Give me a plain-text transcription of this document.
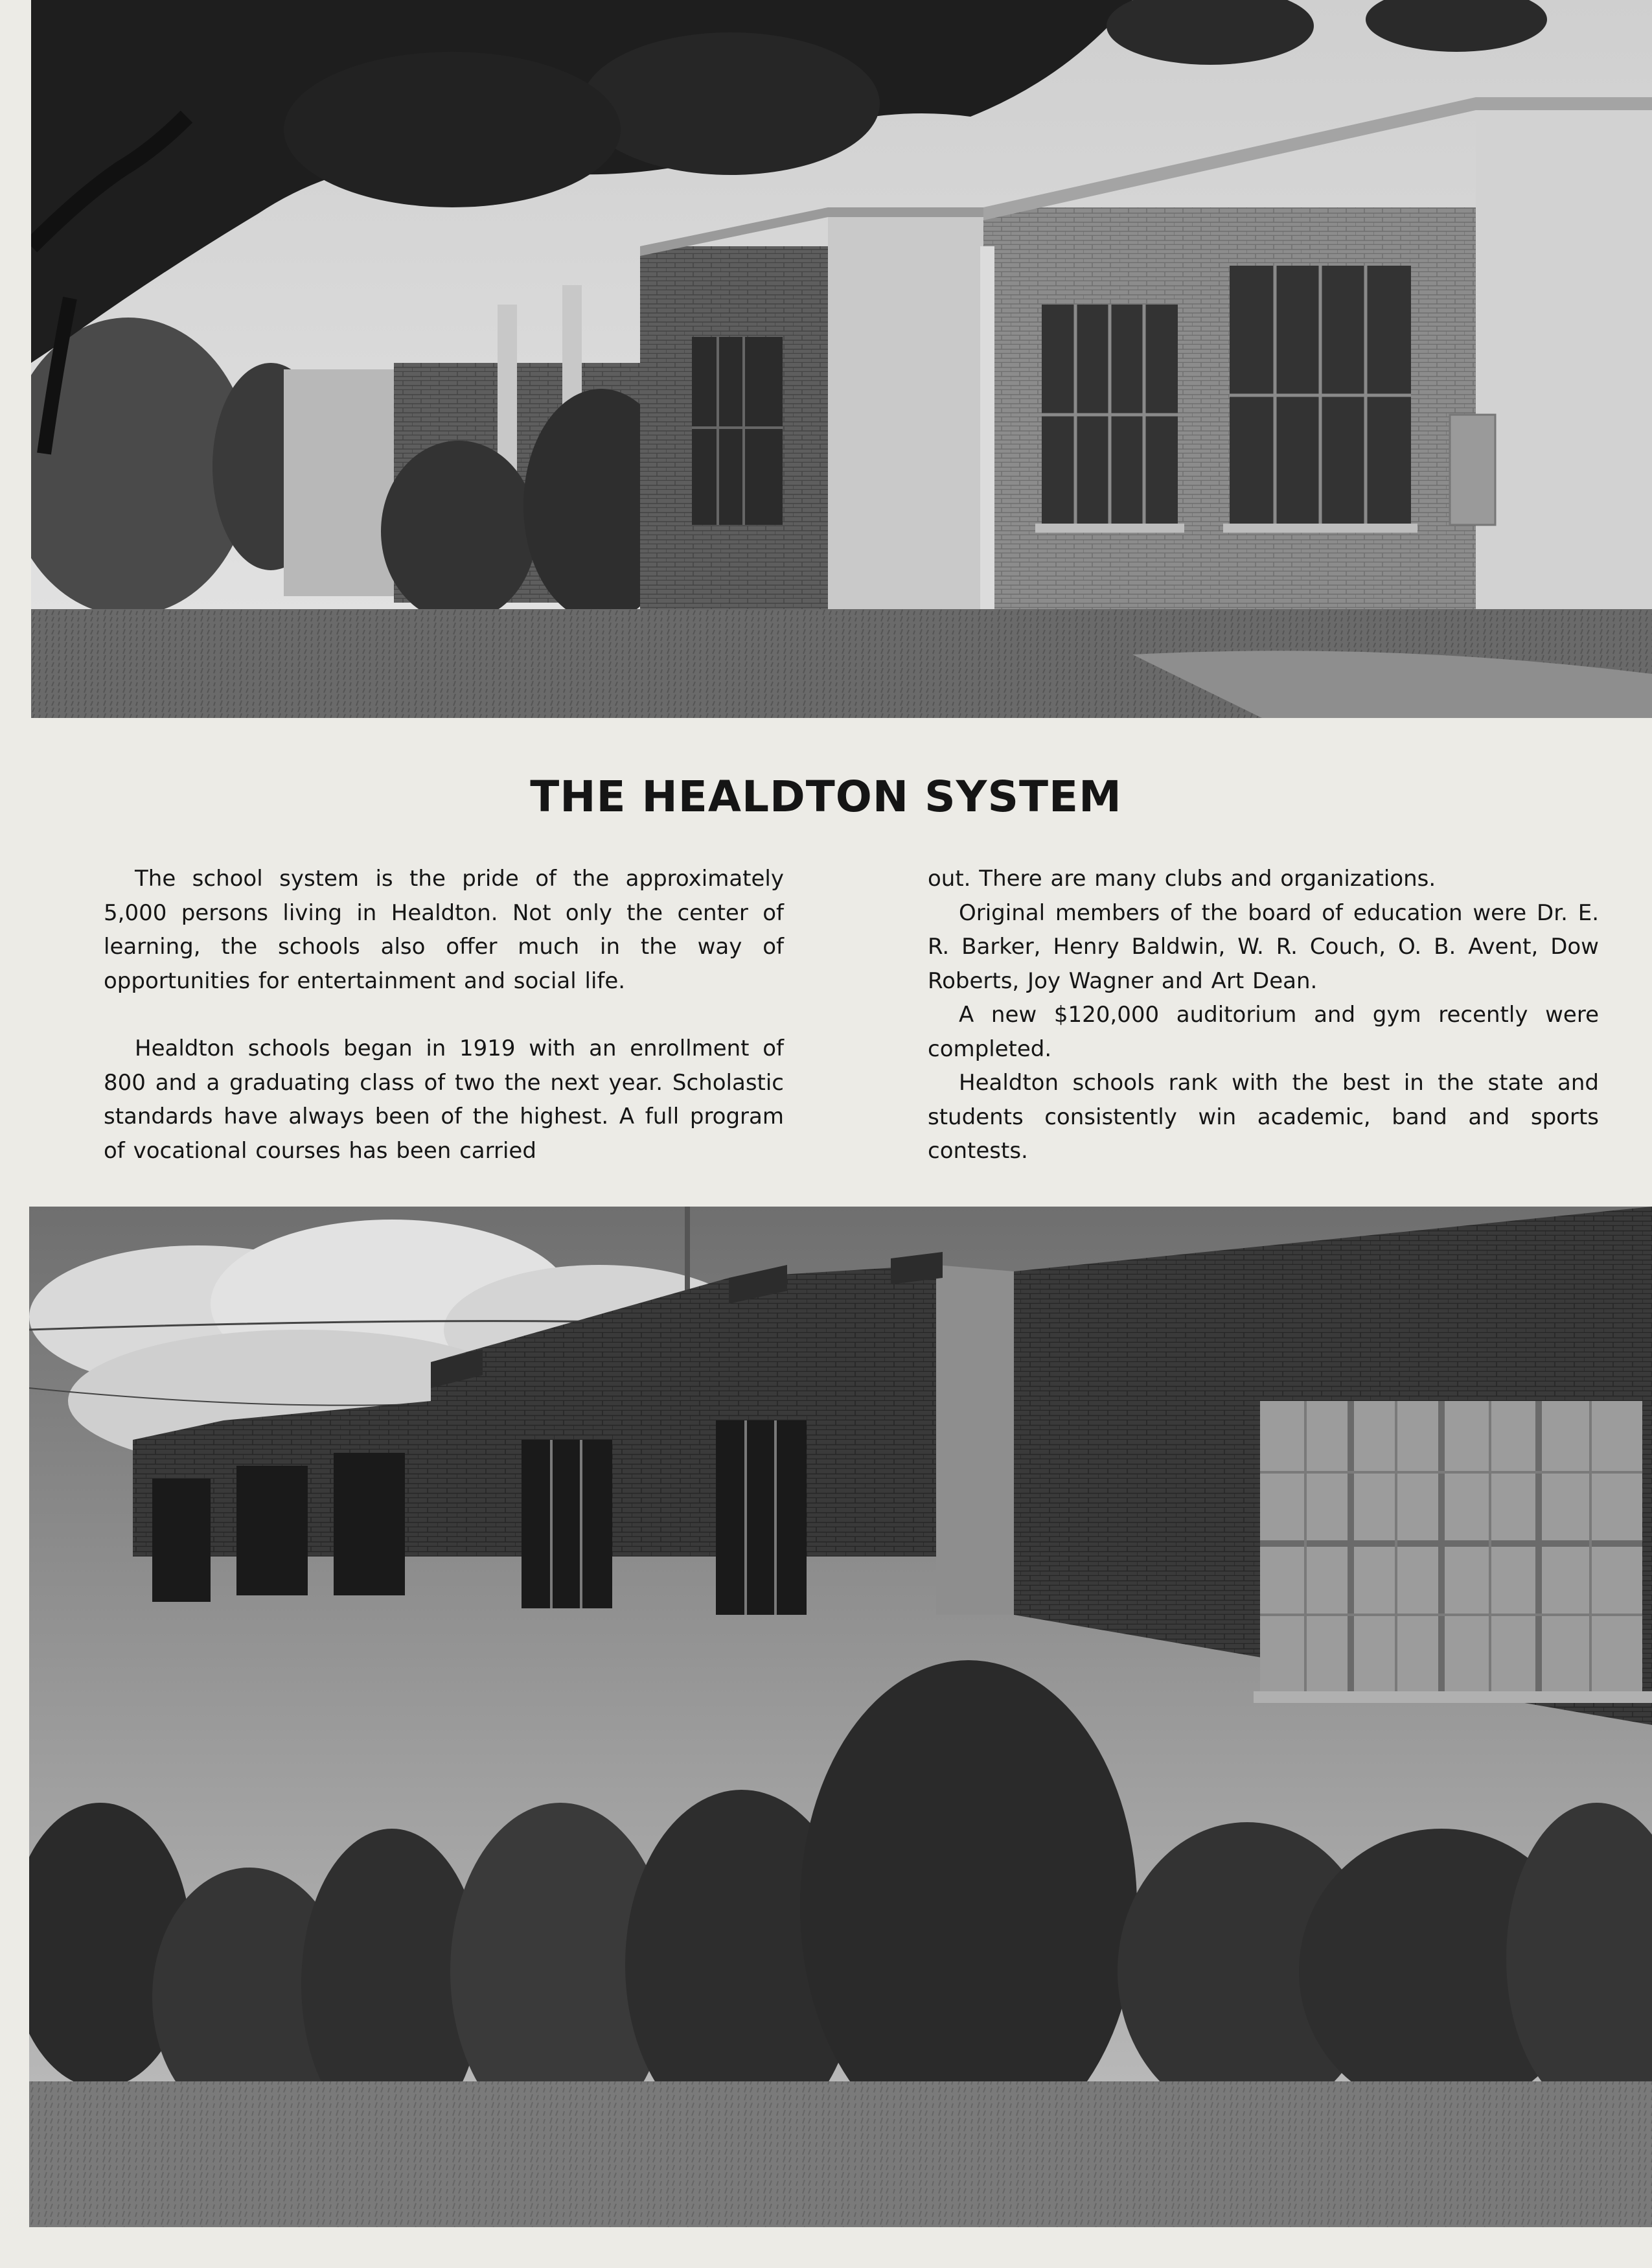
THE HEALDTON SYSTEM

The school system is the pride of the approximately 5,000 persons living in Healdton. Not only the center of learning, the schools also offer much in the way of opportunities for entertainment and social life.

Healdton schools began in 1919 with an enrollment of 800 and a graduating class of two the next year. Scholastic standards have always been of the highest. A full program of vocational courses has been carried

out. There are many clubs and organizations.

Original members of the board of education were Dr. E. R. Barker, Henry Baldwin, W. R. Couch, O. B. Avent, Dow Roberts, Joy Wagner and Art Dean.

A new $120,000 auditorium and gym recently were completed.

Healdton schools rank with the best in the state and students consistently win academic, band and sports contests.
